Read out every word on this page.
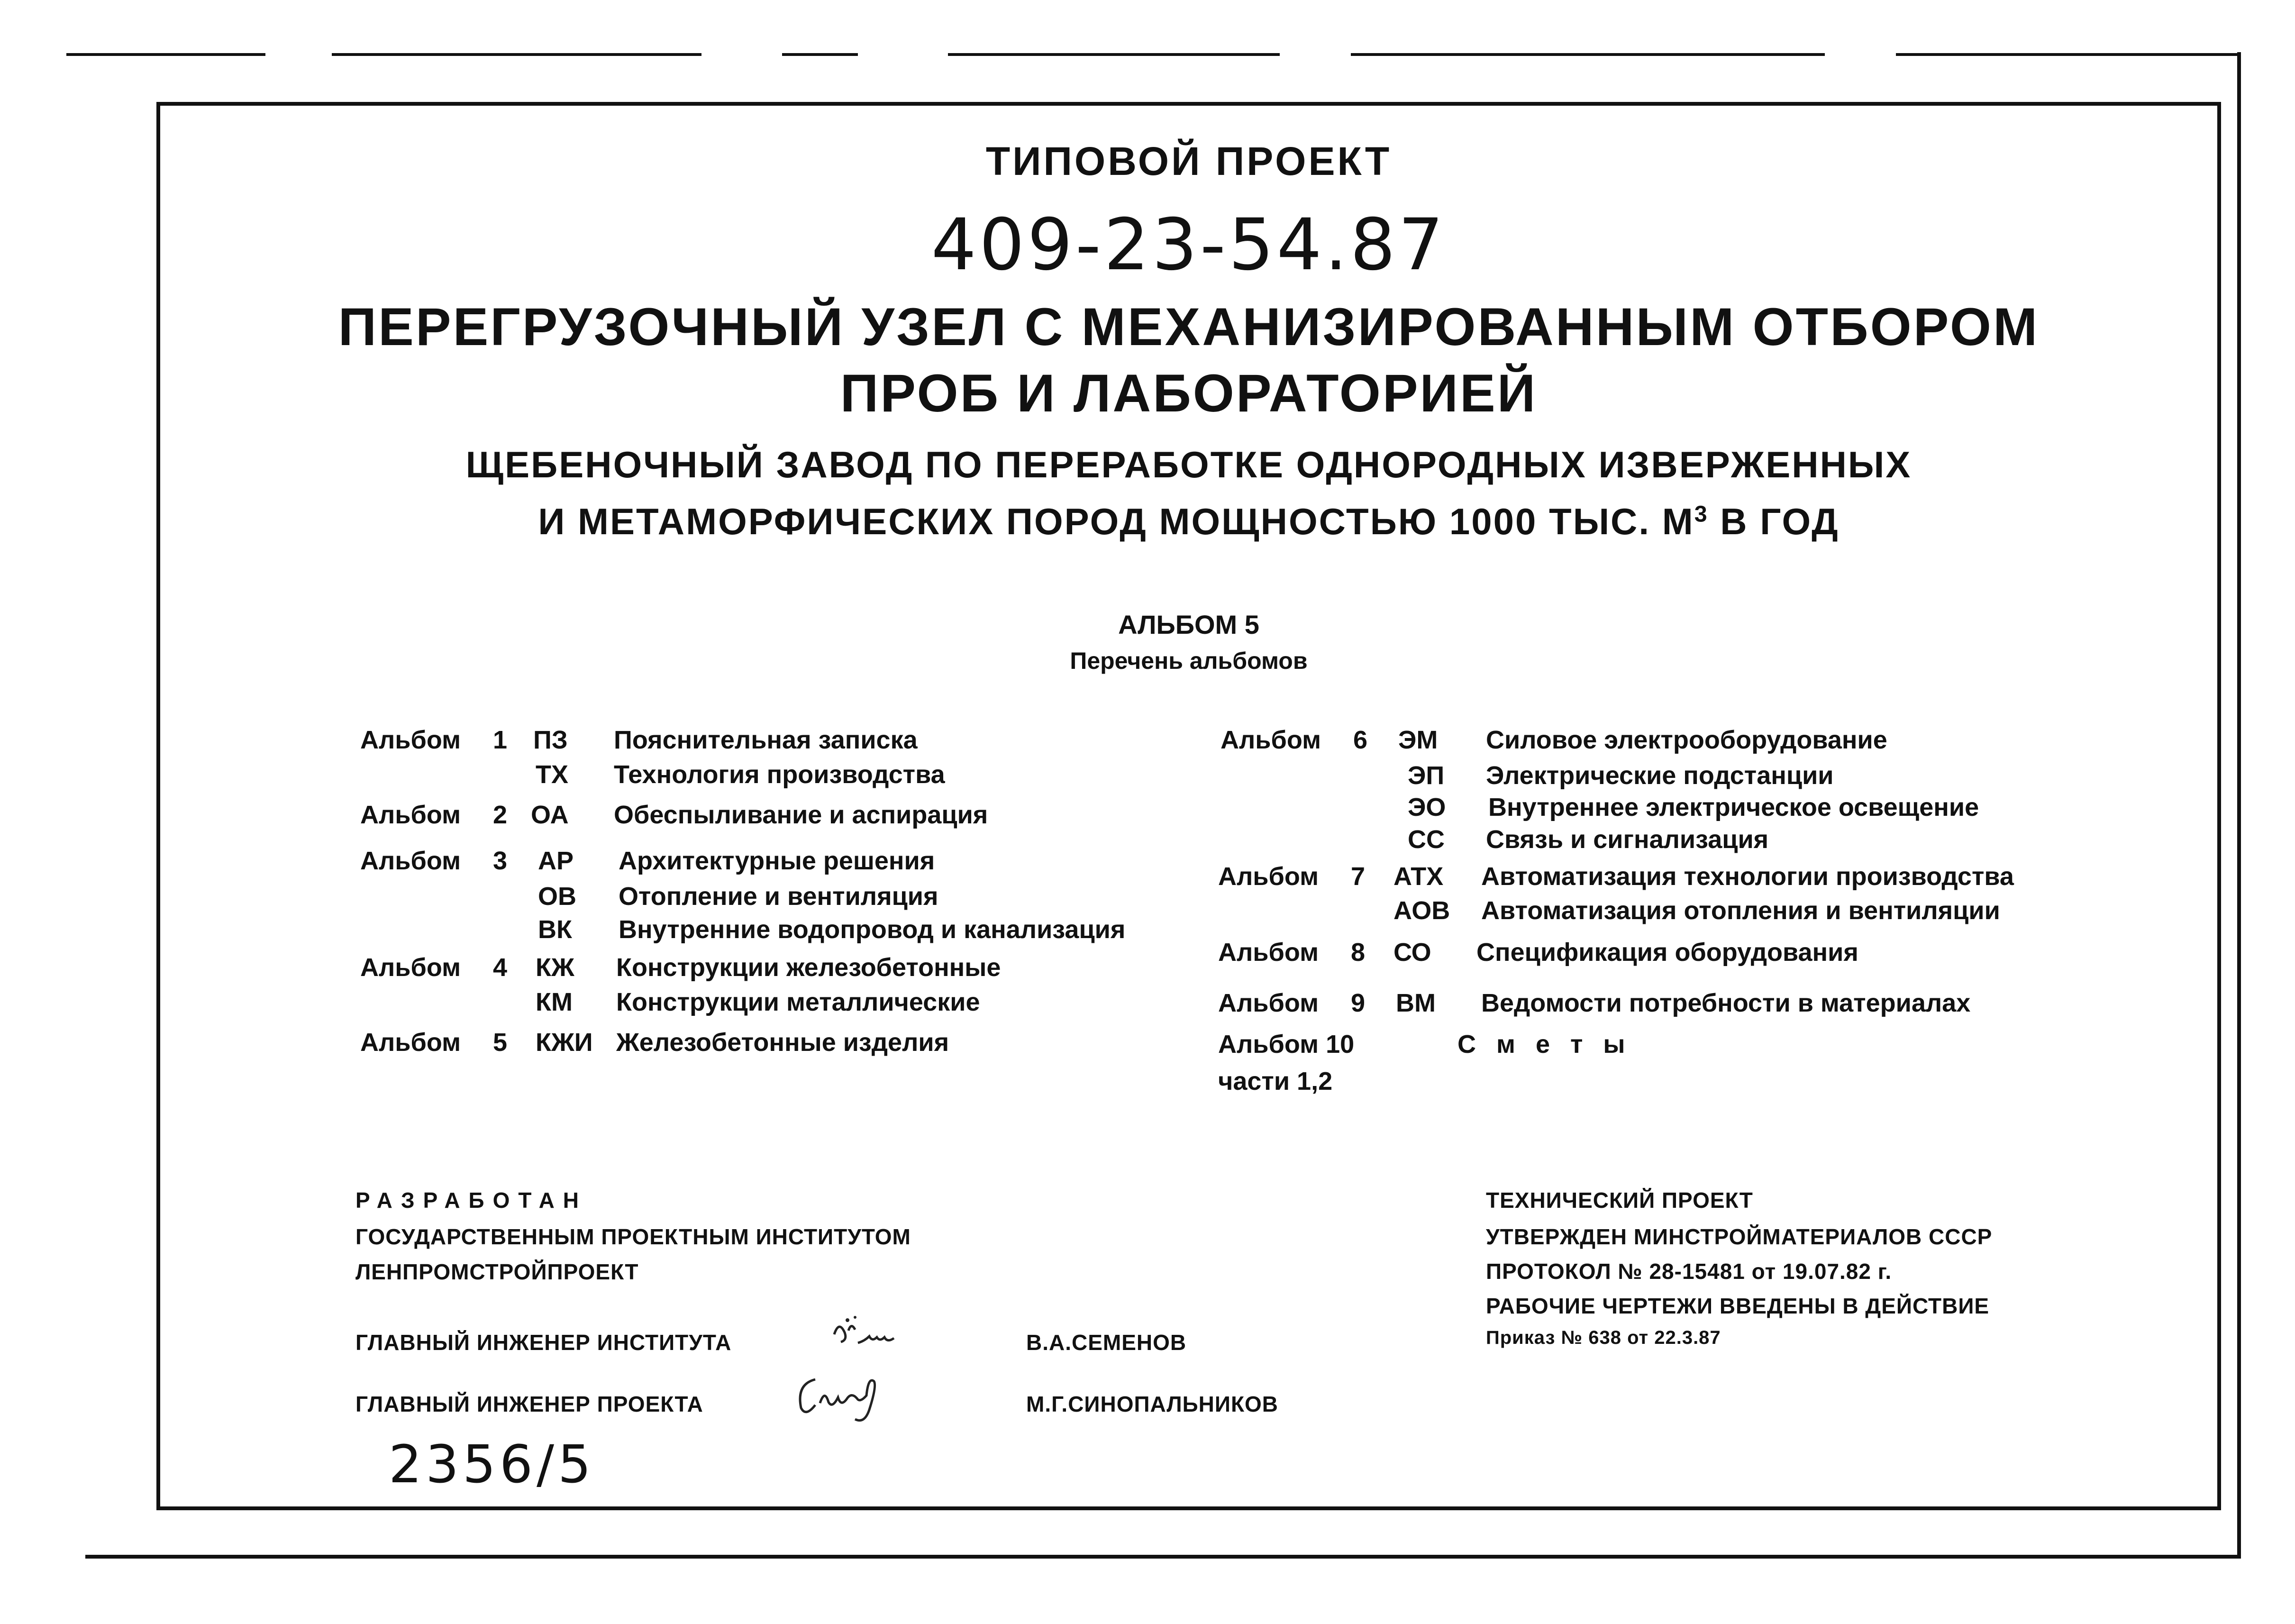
ТИПОВОЙ ПРОЕКТ
409-23-54.87
ПЕРЕГРУЗОЧНЫЙ УЗЕЛ С МЕХАНИЗИРОВАННЫМ ОТБОРОМ
ПРОБ И ЛАБОРАТОРИЕЙ
ЩЕБЕНОЧНЫЙ ЗАВОД ПО ПЕРЕРАБОТКЕ ОДНОРОДНЫХ ИЗВЕРЖЕННЫХ
И МЕТАМОРФИЧЕСКИХ ПОРОД МОЩНОСТЬЮ 1000 ТЫС. $М^3$ В ГОД
АЛЬБОМ 5
Перечень альбомов
Альбом 1 ПЗ Пояснительная записка
ТХ Технология производства
Альбом 2 ОА Обеспыливание и аспирация
Альбом 3 АР Архитектурные решения
ОВ Отопление и вентиляция
ВК Внутренние водопровод и канализация
Альбом 4 КЖ Конструкции железобетонные
КМ Конструкции металлические
Альбом 5 КЖИ Железобетонные изделия
Альбом 6 ЭМ Силовое электрооборудование
ЭП Электрические подстанции
ЭО Внутреннее электрическое освещение
СС Связь и сигнализация
Альбом 7 АТХ Автоматизация технологии производства
АОВ Автоматизация отопления и вентиляции
Альбом 8 СО Спецификация оборудования
Альбом 9 ВМ Ведомости потребности в материалах
Альбом 10	С м е т ы
части 1,2
РАЗРАБОТАН
ГОСУДАРСТВЕННЫМ ПРОЕКТНЫМ ИНСТИТУТОМ
ЛЕНПРОМСТРОЙПРОЕКТ
ГЛАВНЫЙ ИНЖЕНЕР ИНСТИТУТА	В.А.СЕМЕНОВ
ГЛАВНЫЙ ИНЖЕНЕР ПРОЕКТА	М.Г.СИНОПАЛЬНИКОВ
ТЕХНИЧЕСКИЙ ПРОЕКТ
УТВЕРЖДЕН МИНСТРОЙМАТЕРИАЛОВ СССР
ПРОТОКОЛ № 28-15481 от 19.07.82 г.
РАБОЧИЕ ЧЕРТЕЖИ ВВЕДЕНЫ В ДЕЙСТВИЕ
Приказ № 638 от 22.3.87
2356/5
